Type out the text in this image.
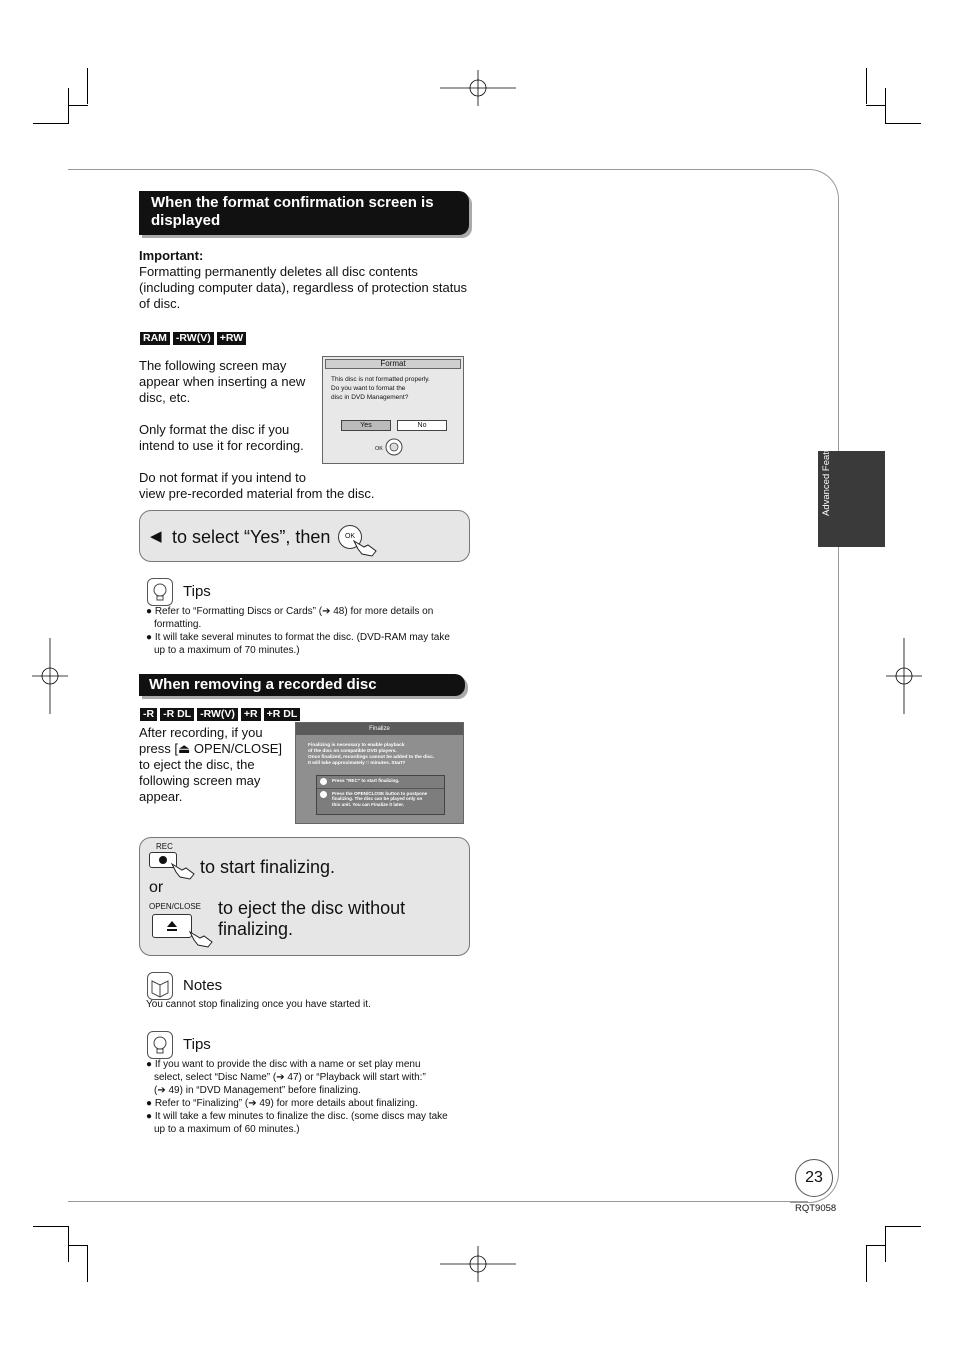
When the format confirmation screen is
displayed
Important:
Formatting permanently deletes all disc contents
(including computer data), regardless of protection status
of disc.
RAM -RW(V) +RW
The following screen may
appear when inserting a new
disc, etc.
Only format the disc if you
intend to use it for recording.
Do not format if you intend to
view pre-recorded material from the disc.
Format
This disc is not formatted properly.
Do you want to format the
disc in DVD Management?
Yes	No
OK
◀ to select “Yes”, then	OK
Tips
● Refer to “Formatting Discs or Cards” (➔ 48) for more details on
formatting.
● It will take several minutes to format the disc. (DVD-RAM may take
up to a maximum of 70 minutes.)
When removing a recorded disc
-R -R DL -RW(V) +R +R DL
After recording, if you
press [⏏ OPEN/CLOSE]
to eject the disc, the
following screen may
appear.
Finalize
Finalizing is necessary to enable playback
of the disc on compatible DVD players.
Once finalized, recordings cannot be added to the disc.
It will take approximately □ minutes. Start?
Press “REC” to start finalizing.
Press the OPEN/CLOSE button to postpone
finalizing. The disc can be played only on
this unit. You can Finalize it later.
REC
to start finalizing.
or
OPEN/CLOSE to eject the disc without
finalizing.
Notes
You cannot stop finalizing once you have started it.
Tips
● If you want to provide the disc with a name or set play menu
select, select “Disc Name” (➔ 47) or “Playback will start with:”
(➔ 49) in “DVD Management” before finalizing.
● Refer to “Finalizing” (➔ 49) for more details about finalizing.
● It will take a few minutes to finalize the disc. (some discs may take
up to a maximum of 60 minutes.)
23
RQT9058
